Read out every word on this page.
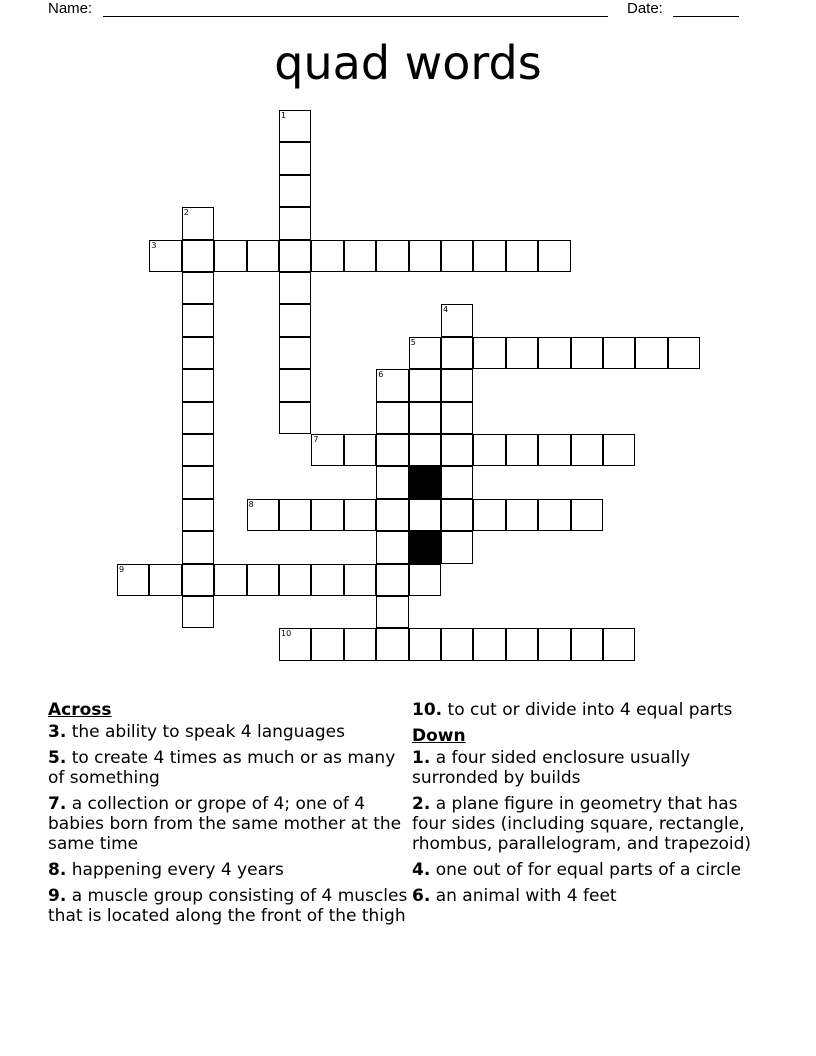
Name:	Date:
quad words
1
2
3
4
5
6
7
8
9
10
Across
3. the ability to speak 4 languages
5. to create 4 times as much or as many of something
7. a collection or grope of 4; one of 4 babies born from the same mother at the same time
8. happening every 4 years
9. a muscle group consisting of 4 muscles that is located along the front of the thigh
10. to cut or divide into 4 equal parts
Down
1. a four sided enclosure usually surronded by builds
2. a plane figure in geometry that has four sides (including square, rectangle, rhombus, parallelogram, and trapezoid)
4. one out of for equal parts of a circle
6. an animal with 4 feet
